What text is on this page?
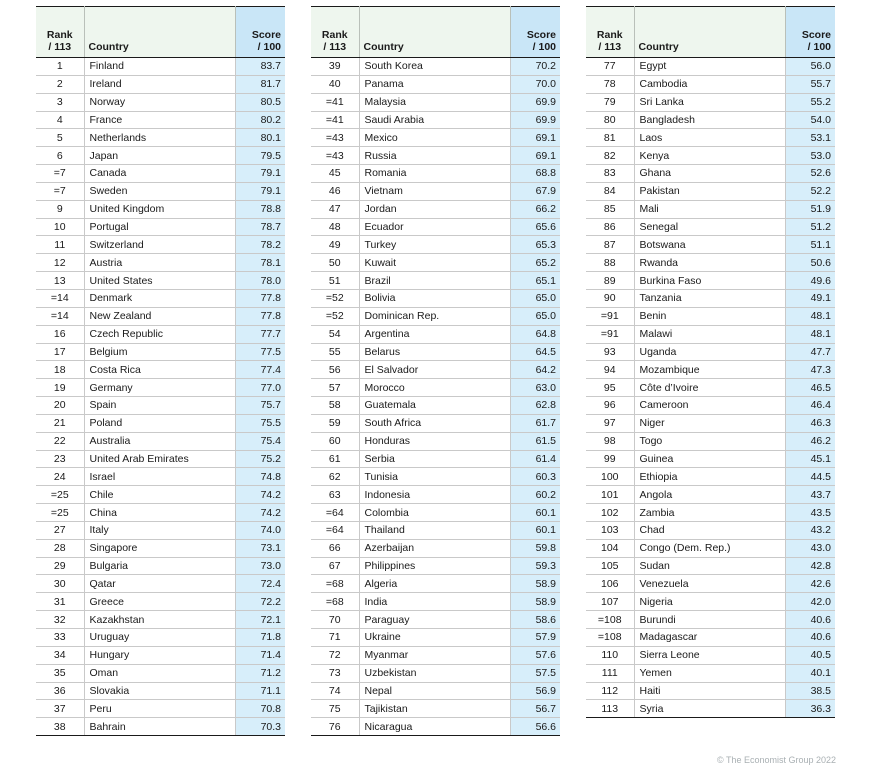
Rank
/ 113	Country	Score
/ 100
1	Finland	83.7
2	Ireland	81.7
3	Norway	80.5
4	France	80.2
5	Netherlands	80.1
6	Japan	79.5
=7	Canada	79.1
=7	Sweden	79.1
9	United Kingdom	78.8
10	Portugal	78.7
11	Switzerland	78.2
12	Austria	78.1
13	United States	78.0
=14	Denmark	77.8
=14	New Zealand	77.8
16	Czech Republic	77.7
17	Belgium	77.5
18	Costa Rica	77.4
19	Germany	77.0
20	Spain	75.7
21	Poland	75.5
22	Australia	75.4
23	United Arab Emirates	75.2
24	Israel	74.8
=25	Chile	74.2
=25	China	74.2
27	Italy	74.0
28	Singapore	73.1
29	Bulgaria	73.0
30	Qatar	72.4
31	Greece	72.2
32	Kazakhstan	72.1
33	Uruguay	71.8
34	Hungary	71.4
35	Oman	71.2
36	Slovakia	71.1
37	Peru	70.8
38	Bahrain	70.3
Rank
/ 113	Country	Score
/ 100
39	South Korea	70.2
40	Panama	70.0
=41	Malaysia	69.9
=41	Saudi Arabia	69.9
=43	Mexico	69.1
=43	Russia	69.1
45	Romania	68.8
46	Vietnam	67.9
47	Jordan	66.2
48	Ecuador	65.6
49	Turkey	65.3
50	Kuwait	65.2
51	Brazil	65.1
=52	Bolivia	65.0
=52	Dominican Rep.	65.0
54	Argentina	64.8
55	Belarus	64.5
56	El Salvador	64.2
57	Morocco	63.0
58	Guatemala	62.8
59	South Africa	61.7
60	Honduras	61.5
61	Serbia	61.4
62	Tunisia	60.3
63	Indonesia	60.2
=64	Colombia	60.1
=64	Thailand	60.1
66	Azerbaijan	59.8
67	Philippines	59.3
=68	Algeria	58.9
=68	India	58.9
70	Paraguay	58.6
71	Ukraine	57.9
72	Myanmar	57.6
73	Uzbekistan	57.5
74	Nepal	56.9
75	Tajikistan	56.7
76	Nicaragua	56.6
Rank
/ 113	Country	Score
/ 100
77	Egypt	56.0
78	Cambodia	55.7
79	Sri Lanka	55.2
80	Bangladesh	54.0
81	Laos	53.1
82	Kenya	53.0
83	Ghana	52.6
84	Pakistan	52.2
85	Mali	51.9
86	Senegal	51.2
87	Botswana	51.1
88	Rwanda	50.6
89	Burkina Faso	49.6
90	Tanzania	49.1
=91	Benin	48.1
=91	Malawi	48.1
93	Uganda	47.7
94	Mozambique	47.3
95	Côte d’Ivoire	46.5
96	Cameroon	46.4
97	Niger	46.3
98	Togo	46.2
99	Guinea	45.1
100	Ethiopia	44.5
101	Angola	43.7
102	Zambia	43.5
103	Chad	43.2
104	Congo (Dem. Rep.)	43.0
105	Sudan	42.8
106	Venezuela	42.6
107	Nigeria	42.0
=108	Burundi	40.6
=108	Madagascar	40.6
110	Sierra Leone	40.5
111	Yemen	40.1
112	Haiti	38.5
113	Syria	36.3
© The Economist Group 2022
